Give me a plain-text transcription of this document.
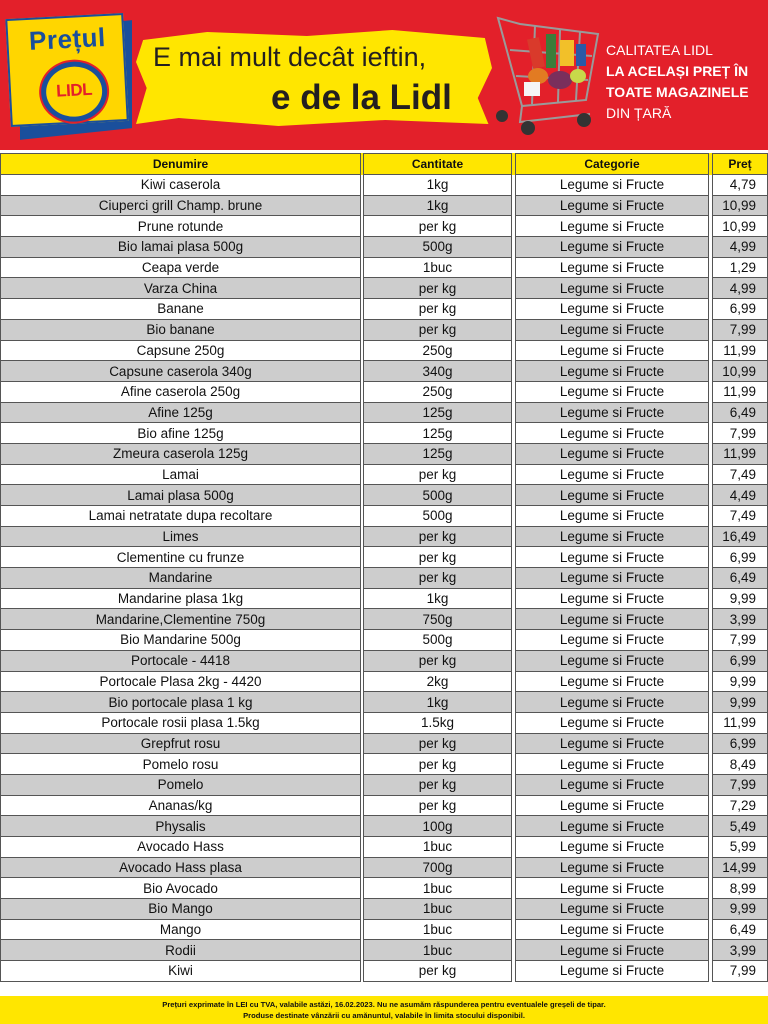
Prețul
LIDL
E mai mult decât ieftin,
e de la Lidl
CALITATEA LIDL
LA ACELAȘI PREȚ ÎN
TOATE MAGAZINELE
DIN ȚARĂ
Denumire	Cantitate	Categorie	Preț
Kiwi caserola	1kg	Legume si Fructe	4,79
Ciuperci grill Champ. brune	1kg	Legume si Fructe	10,99
Prune rotunde	per kg	Legume si Fructe	10,99
Bio lamai plasa 500g	500g	Legume si Fructe	4,99
Ceapa verde	1buc	Legume si Fructe	1,29
Varza China	per kg	Legume si Fructe	4,99
Banane	per kg	Legume si Fructe	6,99
Bio banane	per kg	Legume si Fructe	7,99
Capsune 250g	250g	Legume si Fructe	11,99
Capsune caserola 340g	340g	Legume si Fructe	10,99
Afine caserola 250g	250g	Legume si Fructe	11,99
Afine 125g	125g	Legume si Fructe	6,49
Bio afine 125g	125g	Legume si Fructe	7,99
Zmeura caserola 125g	125g	Legume si Fructe	11,99
Lamai	per kg	Legume si Fructe	7,49
Lamai plasa 500g	500g	Legume si Fructe	4,49
Lamai netratate dupa recoltare	500g	Legume si Fructe	7,49
Limes	per kg	Legume si Fructe	16,49
Clementine cu frunze	per kg	Legume si Fructe	6,99
Mandarine	per kg	Legume si Fructe	6,49
Mandarine plasa 1kg	1kg	Legume si Fructe	9,99
Mandarine,Clementine 750g	750g	Legume si Fructe	3,99
Bio Mandarine 500g	500g	Legume si Fructe	7,99
Portocale - 4418	per kg	Legume si Fructe	6,99
Portocale Plasa 2kg - 4420	2kg	Legume si Fructe	9,99
Bio portocale plasa 1 kg	1kg	Legume si Fructe	9,99
Portocale rosii plasa 1.5kg	1.5kg	Legume si Fructe	11,99
Grepfrut rosu	per kg	Legume si Fructe	6,99
Pomelo rosu	per kg	Legume si Fructe	8,49
Pomelo	per kg	Legume si Fructe	7,99
Ananas/kg	per kg	Legume si Fructe	7,29
Physalis	100g	Legume si Fructe	5,49
Avocado Hass	1buc	Legume si Fructe	5,99
Avocado Hass plasa	700g	Legume si Fructe	14,99
Bio Avocado	1buc	Legume si Fructe	8,99
Bio Mango	1buc	Legume si Fructe	9,99
Mango	1buc	Legume si Fructe	6,49
Rodii	1buc	Legume si Fructe	3,99
Kiwi	per kg	Legume si Fructe	7,99
Prețuri exprimate în LEI cu TVA, valabile astăzi, 16.02.2023. Nu ne asumăm răspunderea pentru eventualele greșeli de tipar.
Produse destinate vânzării cu amănuntul, valabile în limita stocului disponibil.
